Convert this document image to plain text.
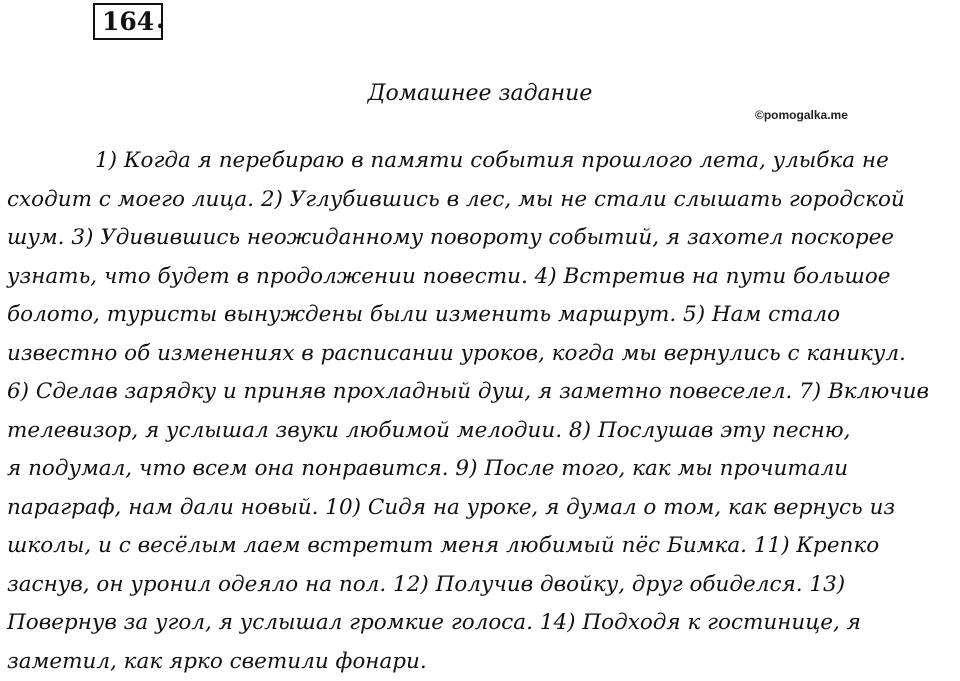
164 .
Домашнее задание
©pomogalka.me
1) Когда я перебираю в памяти события прошлого лета, улыбка не
сходит с моего лица. 2) Углубившись в лес, мы не стали слышать городской
шум. 3) Удивившись неожиданному повороту событий, я захотел поскорее
узнать, что будет в продолжении повести. 4) Встретив на пути большое
болото, туристы вынуждены были изменить маршрут. 5) Нам стало
известно об изменениях в расписании уроков, когда мы вернулись с каникул.
6) Сделав зарядку и приняв прохладный душ, я заметно повеселел. 7) Включив
телевизор, я услышал звуки любимой мелодии. 8) Послушав эту песню,
я подумал, что всем она понравится. 9) После того, как мы прочитали
параграф, нам дали новый. 10) Сидя на уроке, я думал о том, как вернусь из
школы, и с весёлым лаем встретит меня любимый пёс Бимка. 11) Крепко
заснув, он уронил одеяло на пол. 12) Получив двойку, друг обиделся. 13)
Повернув за угол, я услышал громкие голоса. 14) Подходя к гостинице, я
заметил, как ярко светили фонари.
